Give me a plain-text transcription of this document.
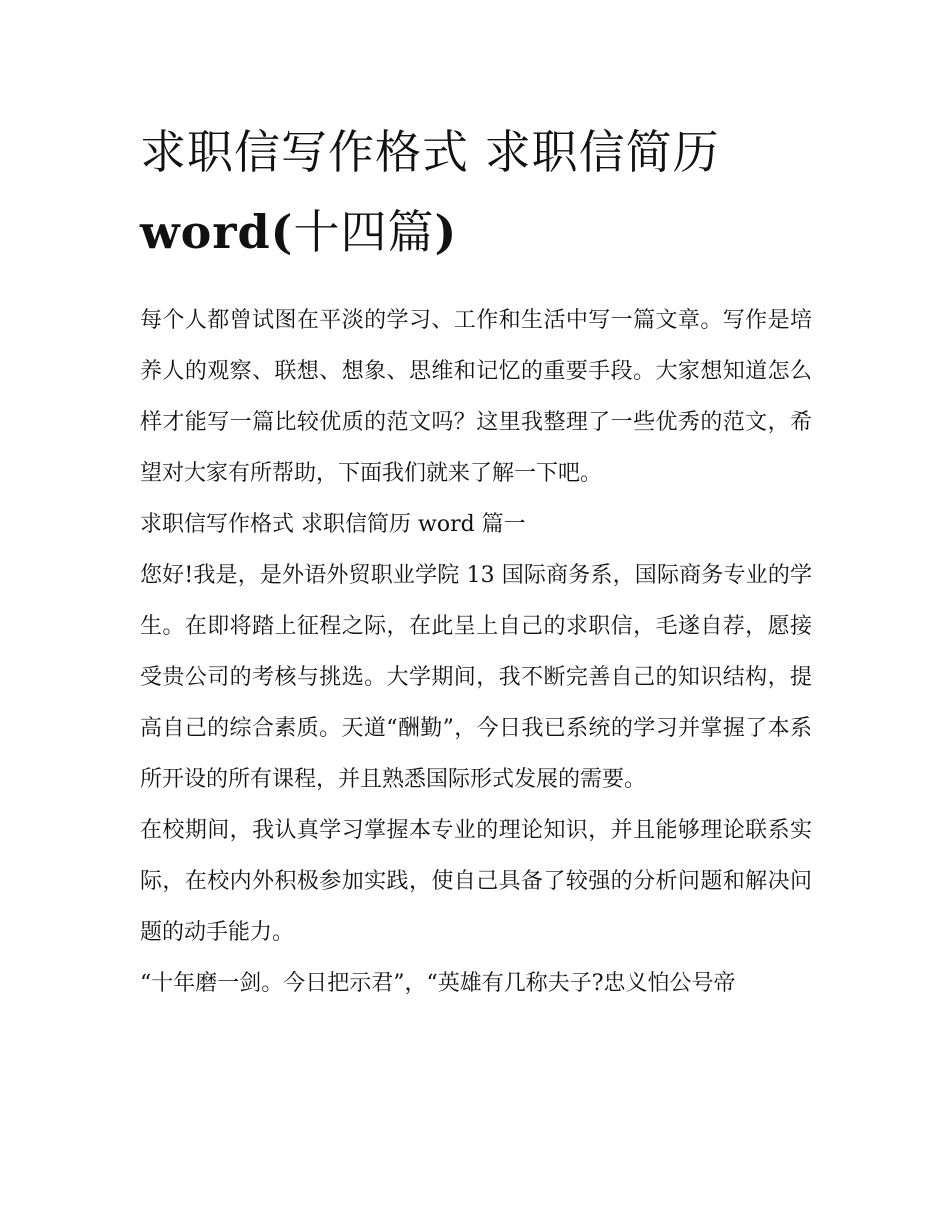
求职信写作格式 求职信简历
word(十四篇)

每个人都曾试图在平淡的学习、工作和生活中写一篇文章。写作是培养人的观察、联想、想象、思维和记忆的重要手段。大家想知道怎么样才能写一篇比较优质的范文吗？这里我整理了一些优秀的范文，希望对大家有所帮助，下面我们就来了解一下吧。

求职信写作格式 求职信简历 word 篇一

您好!我是，是外语外贸职业学院 13 国际商务系，国际商务专业的学生。在即将踏上征程之际，在此呈上自己的求职信，毛遂自荐，愿接受贵公司的考核与挑选。大学期间，我不断完善自己的知识结构，提高自己的综合素质。天道“酬勤”，今日我已系统的学习并掌握了本系所开设的所有课程，并且熟悉国际形式发展的需要。

在校期间，我认真学习掌握本专业的理论知识，并且能够理论联系实际，在校内外积极参加实践，使自己具备了较强的分析问题和解决问题的动手能力。

“十年磨一剑。今日把示君”，“英雄有几称夫子?忠义怕公号帝
